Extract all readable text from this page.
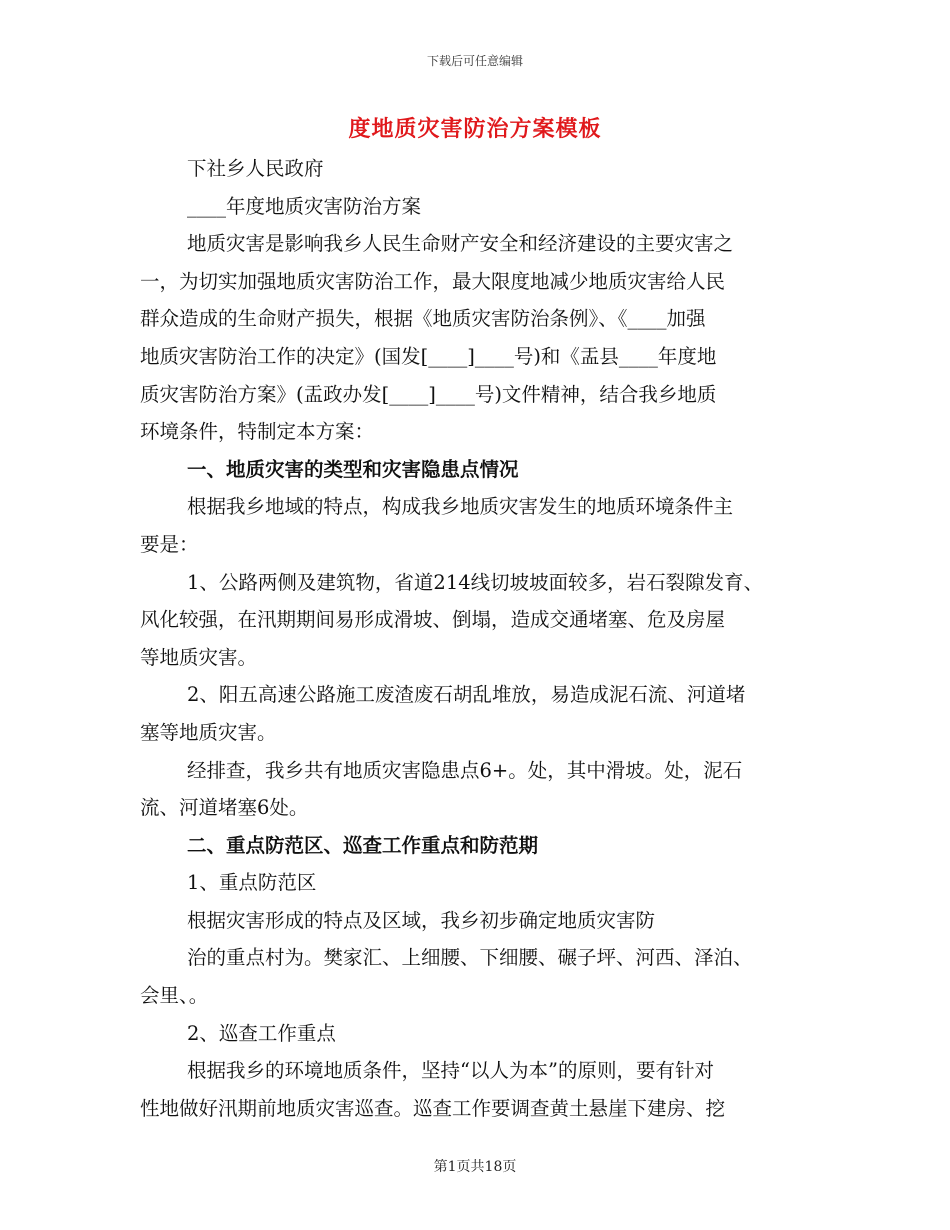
下载后可任意编辑
度地质灾害防治方案模板
下社乡人民政府
____年度地质灾害防治方案
地质灾害是影响我乡人民生命财产安全和经济建设的主要灾害之
一，为切实加强地质灾害防治工作，最大限度地减少地质灾害给人民
群众造成的生命财产损失，根据《地质灾害防治条例》、《____加强
地质灾害防治工作的决定》(国发[____]____号)和《盂县____年度地
质灾害防治方案》(盂政办发[____]____号)文件精神，结合我乡地质
环境条件，特制定本方案：
一、地质灾害的类型和灾害隐患点情况
根据我乡地域的特点，构成我乡地质灾害发生的地质环境条件主
要是：
1、公路两侧及建筑物，省道214线切坡坡面较多，岩石裂隙发育、
风化较强，在汛期期间易形成滑坡、倒塌，造成交通堵塞、危及房屋
等地质灾害。
2、阳五高速公路施工废渣废石胡乱堆放，易造成泥石流、河道堵
塞等地质灾害。
经排查，我乡共有地质灾害隐患点6+。处，其中滑坡。处，泥石
流、河道堵塞6处。
二、重点防范区、巡查工作重点和防范期
1、重点防范区
根据灾害形成的特点及区域，我乡初步确定地质灾害防
治的重点村为。樊家汇、上细腰、下细腰、碾子坪、河西、泽泊、
会里、。
2、巡查工作重点
根据我乡的环境地质条件，坚持“以人为本”的原则，要有针对
性地做好汛期前地质灾害巡查。巡查工作要调查黄土悬崖下建房、挖
第1页共18页
